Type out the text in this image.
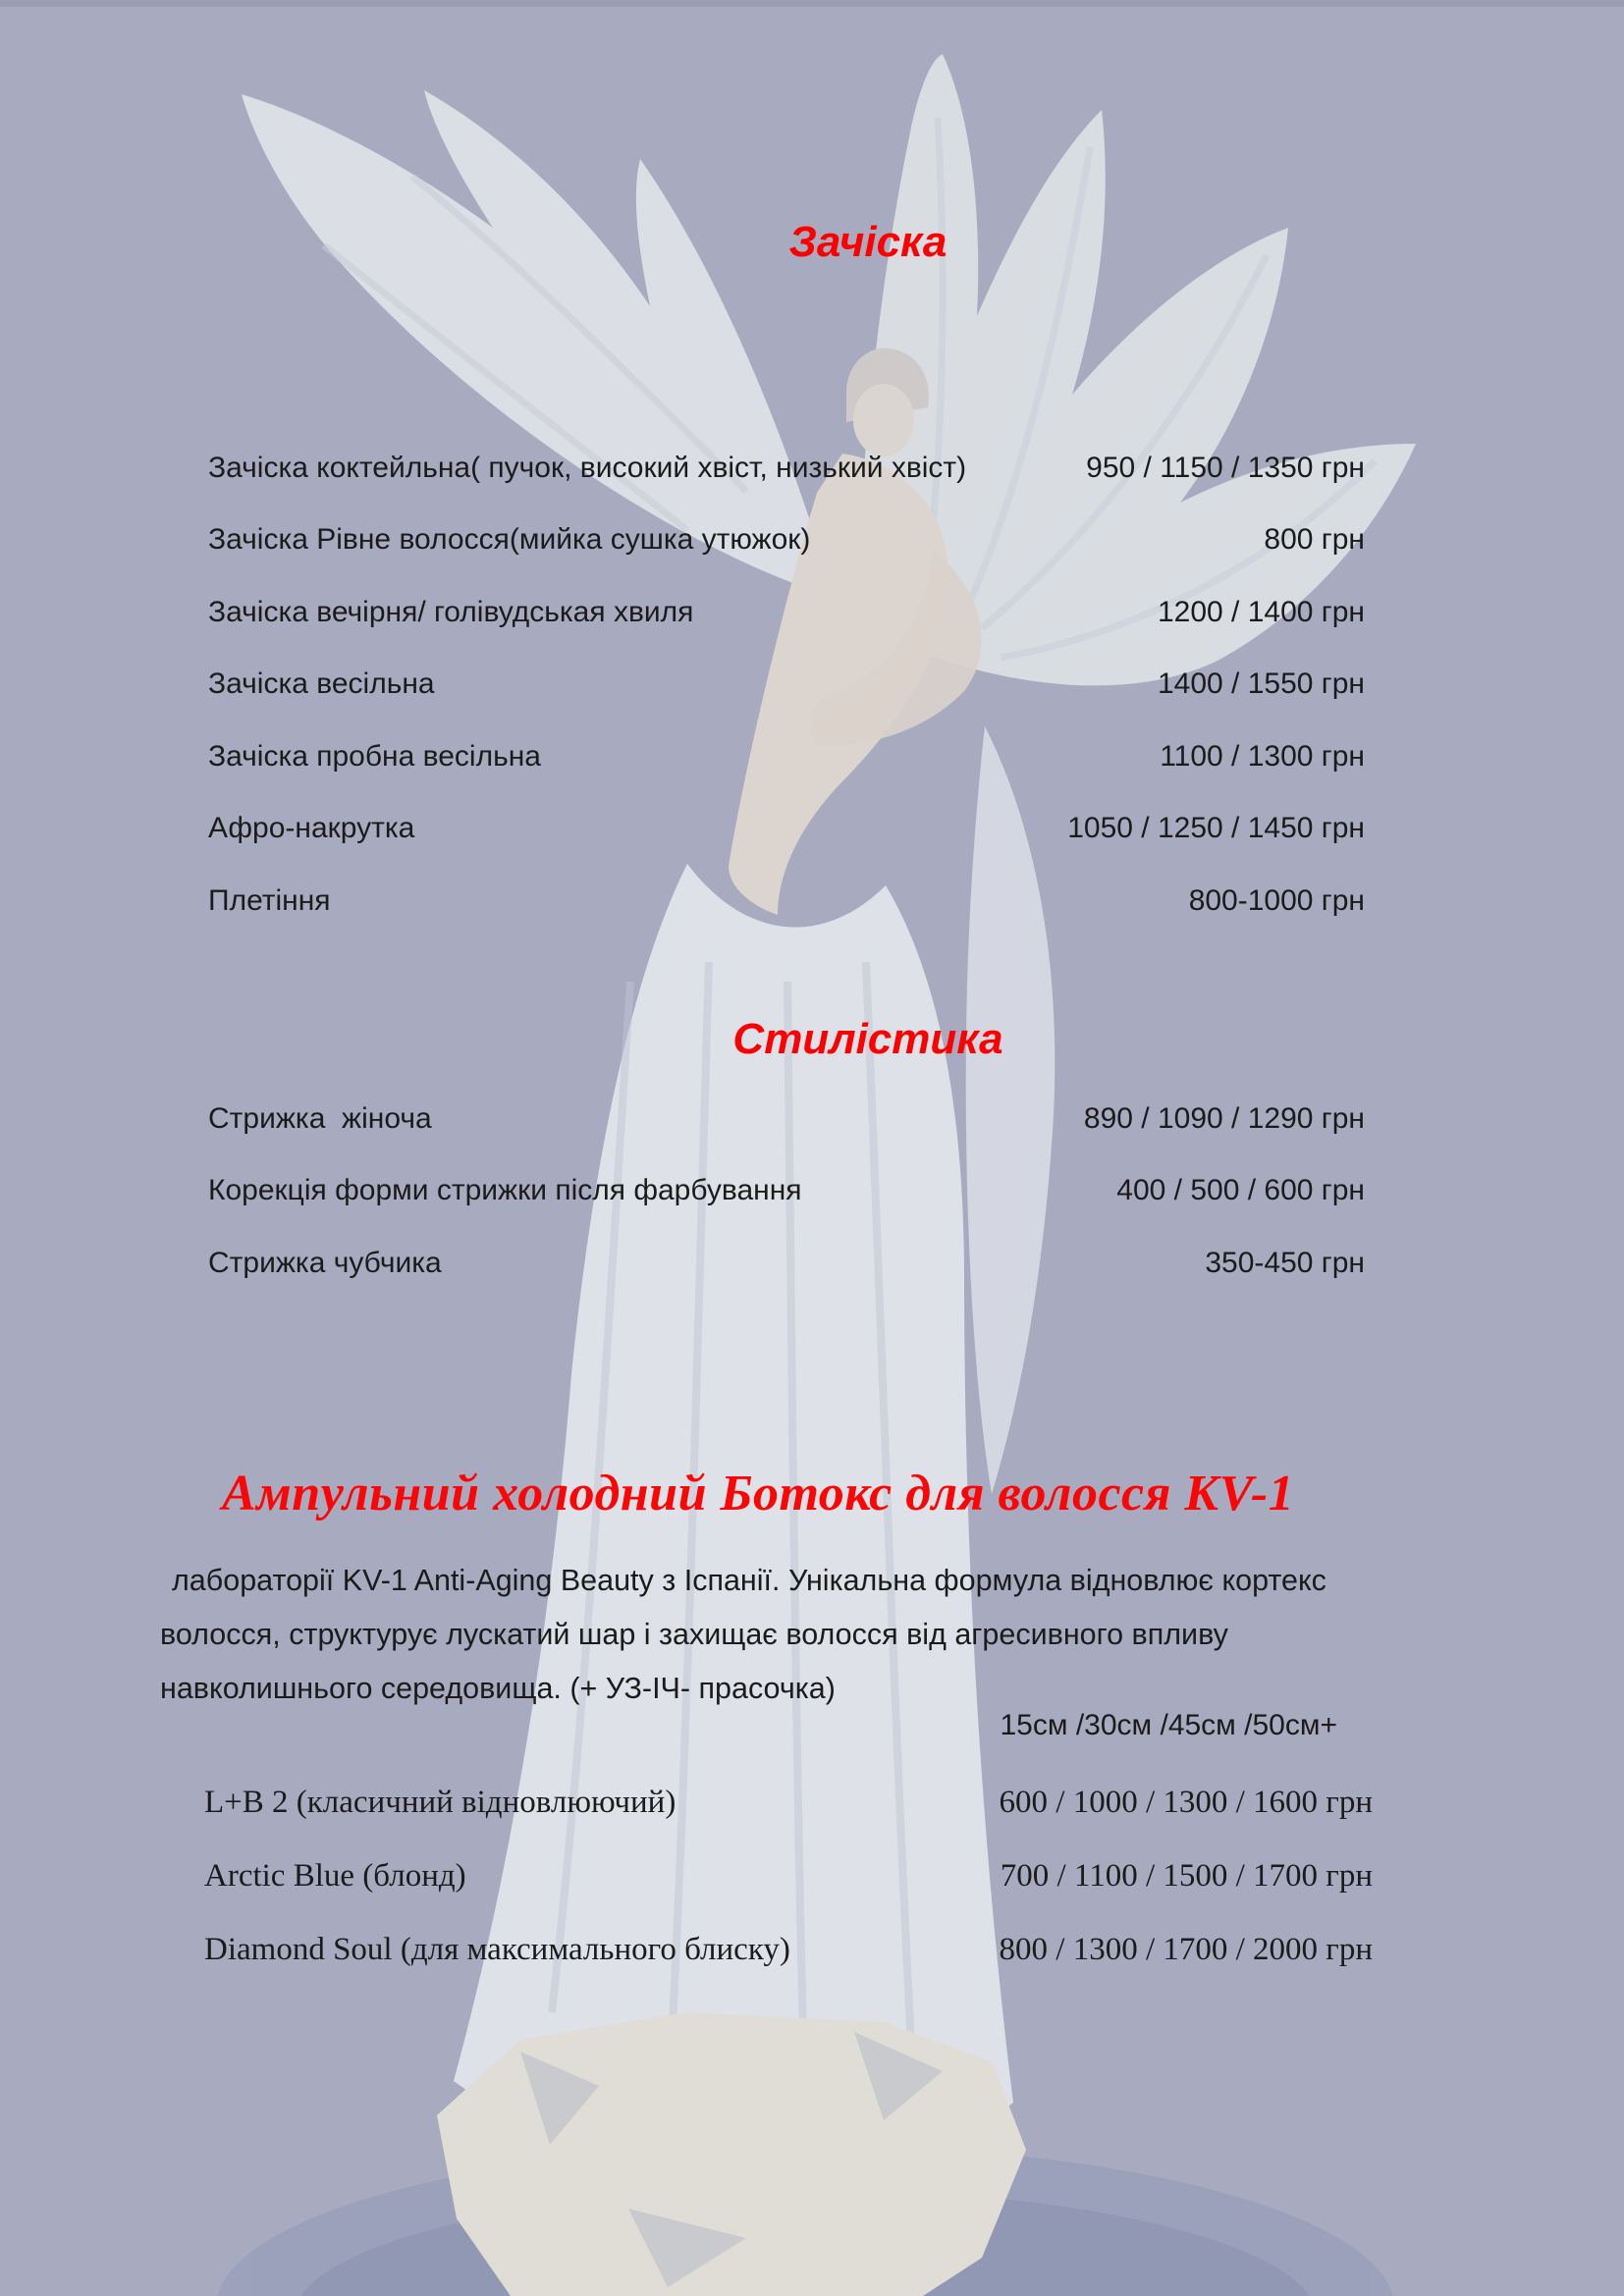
Зачіска
Зачіска коктейльна( пучок, високий хвіст, низький хвіст)	950 / 1150 / 1350 грн
Зачіска Рівне волосся(мийка сушка утюжок)	800 грн
Зачіска вечірня/ голівудськая хвиля	1200 / 1400 грн
Зачіска весільна	1400 / 1550 грн
Зачіска пробна весільна	1100 / 1300 грн
Афро-накрутка	1050 / 1250 / 1450 грн
Плетіння	800-1000 грн
Стилістика
Стрижка  жіноча	890 / 1090 / 1290 грн
Корекція форми стрижки після фарбування	400 / 500 / 600 грн
Стрижка чубчика	350-450 грн
Ампульний холодний Ботокс для волосся KV-1
лабораторії KV-1 Anti-Aging Beauty з Іспанії. Унікальна формула відновлює кортекс
волосся, структурує лускатий шар і захищає волосся від агресивного впливу
навколишнього середовища. (+ УЗ-ІЧ- прасочка)
15см /30см /45см /50см+
L+B 2 (класичний відновлюючий)	600 / 1000 / 1300 / 1600 грн
Arctic Blue (блонд)	700 / 1100 / 1500 / 1700 грн
Diamond Soul (для максимального блиску)	800 / 1300 / 1700 / 2000 грн
